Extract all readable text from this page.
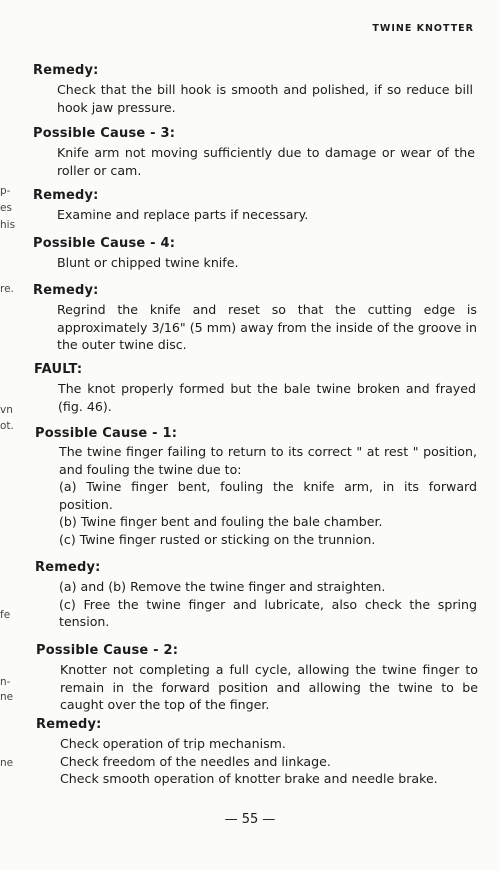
TWINE KNOTTER
p-
es
his
re.
vn
ot.
fe
n-
ne
ne
Remedy:

Check that the bill hook is smooth and polished, if so reduce bill hook jaw pressure.

Possible Cause - 3:

Knife arm not moving sufficiently due to damage or wear of the roller or cam.

Remedy:

Examine and replace parts if necessary.

Possible Cause - 4:

Blunt or chipped twine knife.

Remedy:

Regrind the knife and reset so that the cutting edge is approximately 3/16" (5 mm) away from the inside of the groove in the outer twine disc.

FAULT:

The knot properly formed but the bale twine broken and frayed (fig. 46).

Possible Cause - 1:

The twine finger failing to return to its correct " at rest " position, and fouling the twine due to:

(a) Twine finger bent, fouling the knife arm, in its forward position.

(b) Twine finger bent and fouling the bale chamber.

(c) Twine finger rusted or sticking on the trunnion.

Remedy:

(a) and (b) Remove the twine finger and straighten.

(c) Free the twine finger and lubricate, also check the spring tension.

Possible Cause - 2:

Knotter not completing a full cycle, allowing the twine finger to remain in the forward position and allowing the twine to be caught over the top of the finger.

Remedy:

Check operation of trip mechanism.

Check freedom of the needles and linkage.

Check smooth operation of knotter brake and needle brake.

— 55 —
